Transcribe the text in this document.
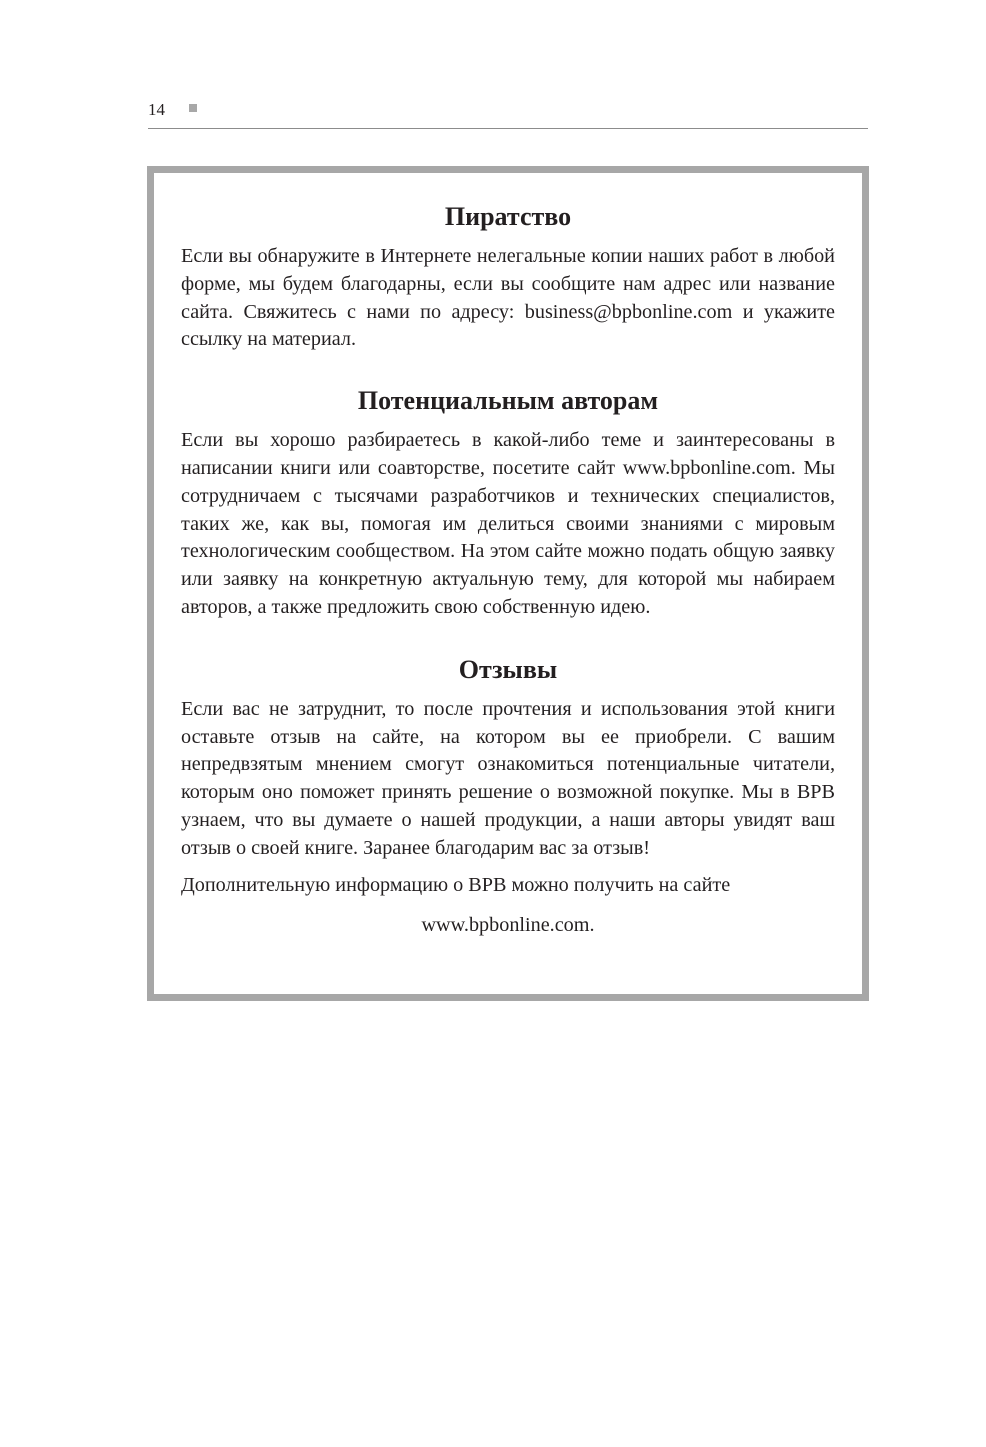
14
Пиратство

Если вы обнаружите в Интернете нелегальные копии наших работ в любой форме, мы будем благодарны, если вы сообщите нам адрес или название сайта. Свяжитесь с нами по адресу: business@bpbonline.com и укажите ссылку на материал.

Потенциальным авторам

Если вы хорошо разбираетесь в какой-либо теме и заинтересованы в написании книги или соавторстве, посетите сайт www.bpbonline.com. Мы сотрудничаем с тысячами разработчиков и технических специалистов, таких же, как вы, помогая им делиться своими знаниями с мировым технологическим сообществом. На этом сайте можно подать общую заявку или заявку на конкретную актуальную тему, для которой мы набираем авторов, а также предложить свою собственную идею.

Отзывы

Если вас не затруднит, то после прочтения и использования этой книги оставьте отзыв на сайте, на котором вы ее приобрели. С вашим непредвзятым мнением смогут ознакомиться потенциальные читатели, которым оно поможет принять решение о возможной покупке. Мы в BPB узнаем, что вы думаете о нашей продукции, а наши авторы увидят ваш отзыв о своей книге. Заранее благодарим вас за отзыв!

Дополнительную информацию о BPB можно получить на сайте

www.bpbonline.com.
